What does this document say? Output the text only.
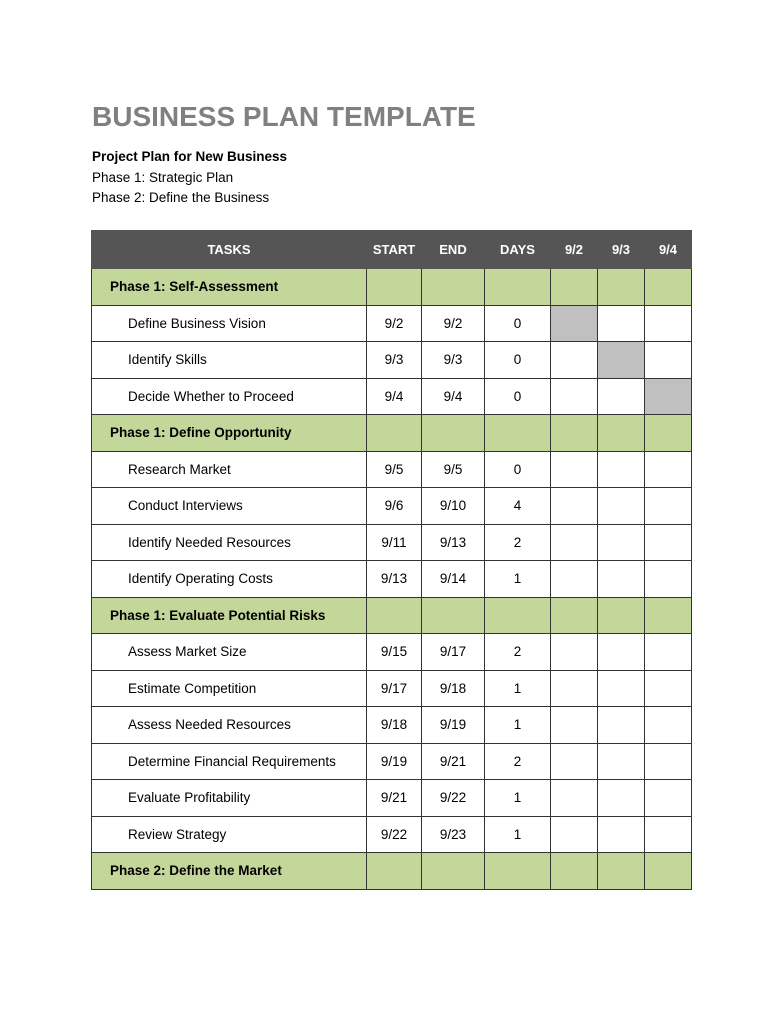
BUSINESS PLAN TEMPLATE

Project Plan for New Business

Phase 1: Strategic Plan

Phase 2: Define the Business

TASKS	START	END	DAYS	9/2	9/3	9/4
Phase 1: Self-Assessment						
Define Business Vision	9/2	9/2	0			
Identify Skills	9/3	9/3	0			
Decide Whether to Proceed	9/4	9/4	0			
Phase 1: Define Opportunity						
Research Market	9/5	9/5	0			
Conduct Interviews	9/6	9/10	4			
Identify Needed Resources	9/11	9/13	2			
Identify Operating Costs	9/13	9/14	1			
Phase 1: Evaluate Potential Risks						
Assess Market Size	9/15	9/17	2			
Estimate Competition	9/17	9/18	1			
Assess Needed Resources	9/18	9/19	1			
Determine Financial Requirements	9/19	9/21	2			
Evaluate Profitability	9/21	9/22	1			
Review Strategy	9/22	9/23	1			
Phase 2: Define the Market						
